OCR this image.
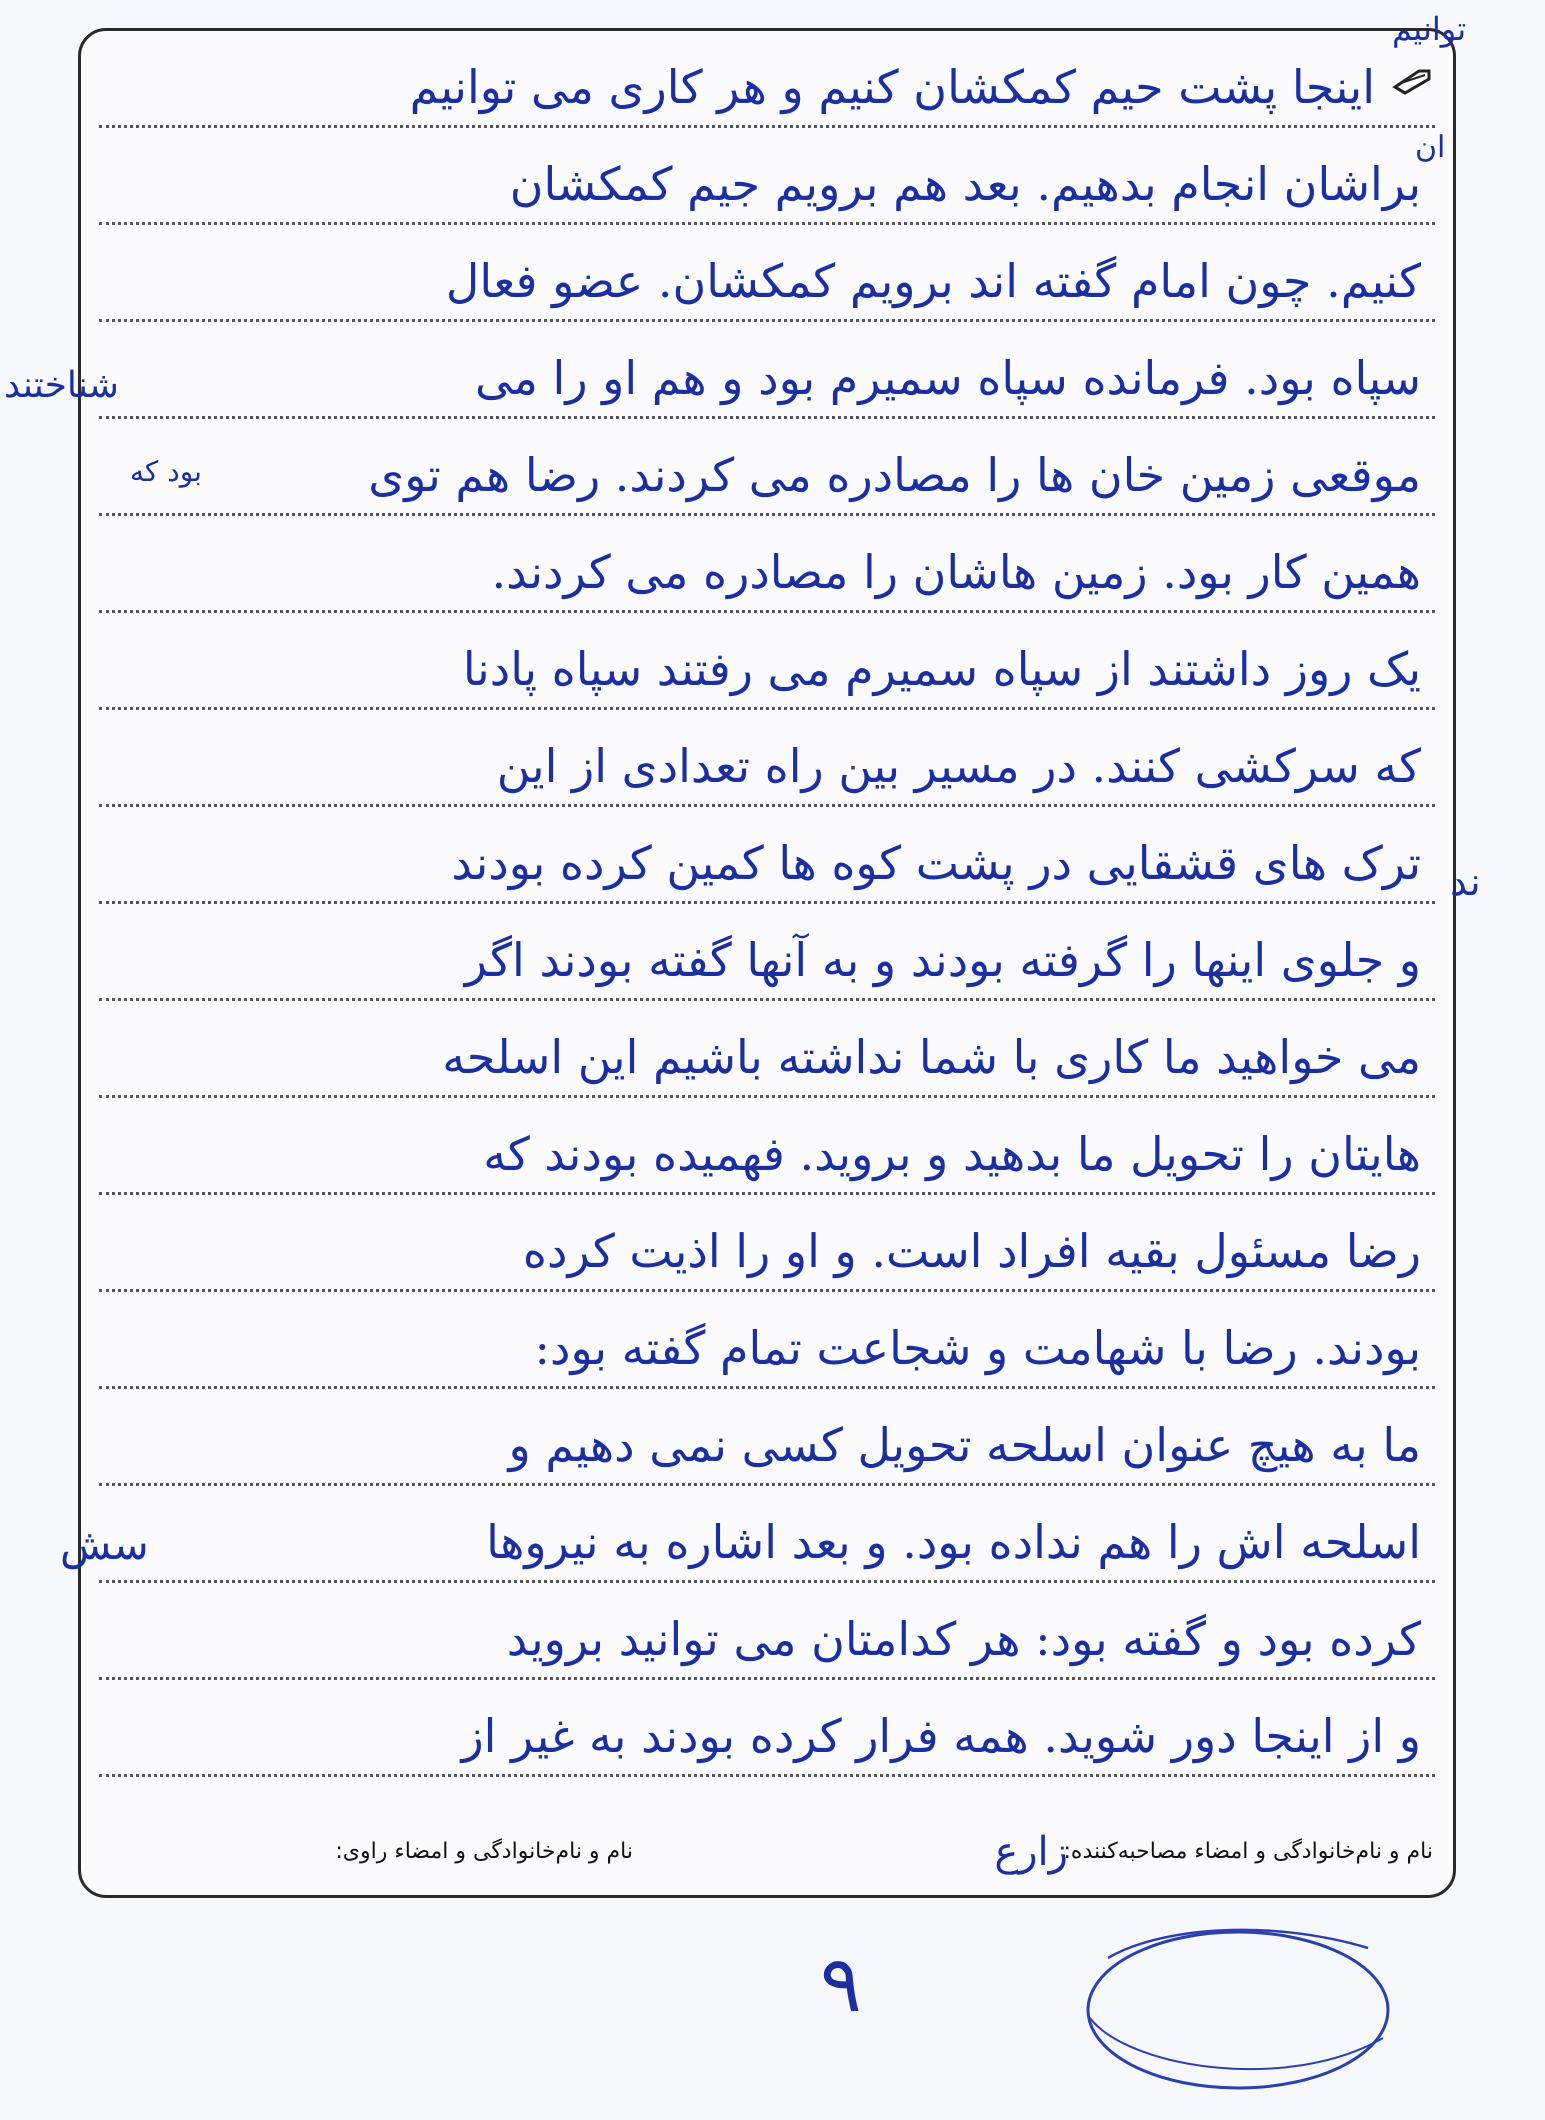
اینجا پشت حیم کمکشان کنیم و هر کاری می توانیم
براشان انجام بدهیم. بعد هم برویم جیم کمکشان
کنیم. چون امام گفته اند برویم کمکشان. عضو فعال
سپاه بود. فرمانده سپاه سمیرم بود و هم او را می
موقعی زمین خان ها را مصادره می کردند. رضا هم توی
همین کار بود. زمین هاشان را مصادره می کردند.
یک روز داشتند از سپاه سمیرم می رفتند سپاه پادنا
که سرکشی کنند. در مسیر بین راه تعدادی از این
ترک های قشقایی در پشت کوه ها کمین کرده بودند
و جلوی اینها را گرفته بودند و به آنها گفته بودند اگر
می خواهید ما کاری با شما نداشته باشیم این اسلحه
هایتان را تحویل ما بدهید و بروید. فهمیده بودند که
رضا مسئول بقیه افراد است. و او را اذیت کرده
بودند. رضا با شهامت و شجاعت تمام گفته بود:
ما به هیچ عنوان اسلحه تحویل کسی نمی دهیم و
اسلحه اش را هم نداده بود. و بعد اشاره به نیروها
کرده بود و گفته بود: هر کدامتان می توانید بروید
و از اینجا دور شوید. همه فرار کرده بودند به غیر از
نام و نام‌خانوادگی و امضاء مصاحبه‌کننده:
زارع
نام و نام‌خانوادگی و امضاء راوی:
توانیم
ان
شناختند
بود که
ند
سش
۹
